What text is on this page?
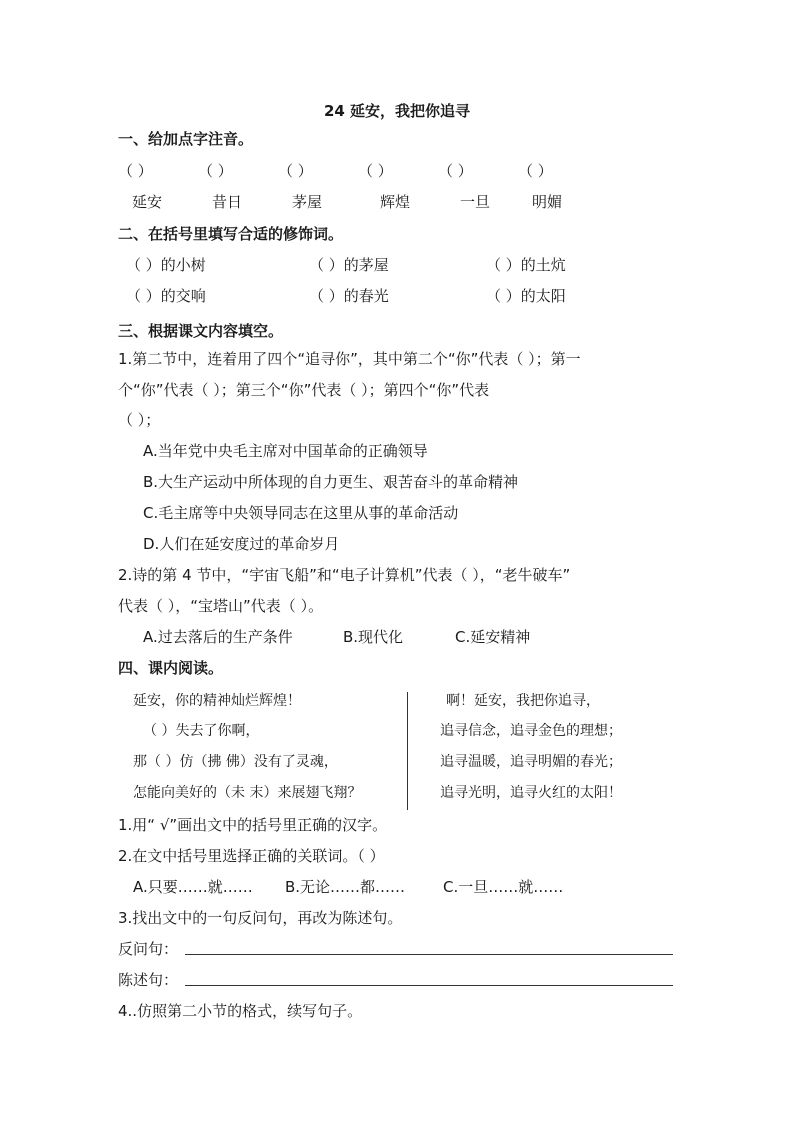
24 延安，我把你追寻
一、给加点字注音。
（ ）	（ ）	（ ）	（ ）	（ ）	（ ）
延安	昔日	茅屋	辉煌	一旦	明媚
二、在括号里填写合适的修饰词。
（ ）的小树	（ ）的茅屋	（ ）的土炕
（ ）的交响	（ ）的春光	（ ）的太阳
三、根据课文内容填空。
1.第二节中，连着用了四个“追寻你”，其中第二个“你”代表（ ）；第一
个“你”代表（ ）；第三个“你”代表（ ）；第四个“你”代表
（ ）；
A.当年党中央毛主席对中国革命的正确领导
B.大生产运动中所体现的自力更生、艰苦奋斗的革命精神
C.毛主席等中央领导同志在这里从事的革命活动
D.人们在延安度过的革命岁月
2.诗的第 4 节中，“宇宙飞船”和“电子计算机”代表（ ），“老牛破车”
代表（ ），“宝塔山”代表（ ）。
A.过去落后的生产条件	B.现代化	C.延安精神
四、课内阅读。
延安，你的精神灿烂辉煌！
（ ）失去了你啊，
那（ ）仿（拂 佛）没有了灵魂，
怎能向美好的（未 末）来展翅飞翔？
啊！延安，我把你追寻，
追寻信念，追寻金色的理想；
追寻温暖，追寻明媚的春光；
追寻光明，追寻火红的太阳！
1.用“ √”画出文中的括号里正确的汉字。
2.在文中括号里选择正确的关联词。（ ）
A.只要……就…… B.无论……都……	C.一旦……就……
3.找出文中的一句反问句，再改为陈述句。
反问句：
陈述句：
4..仿照第二小节的格式，续写句子。
